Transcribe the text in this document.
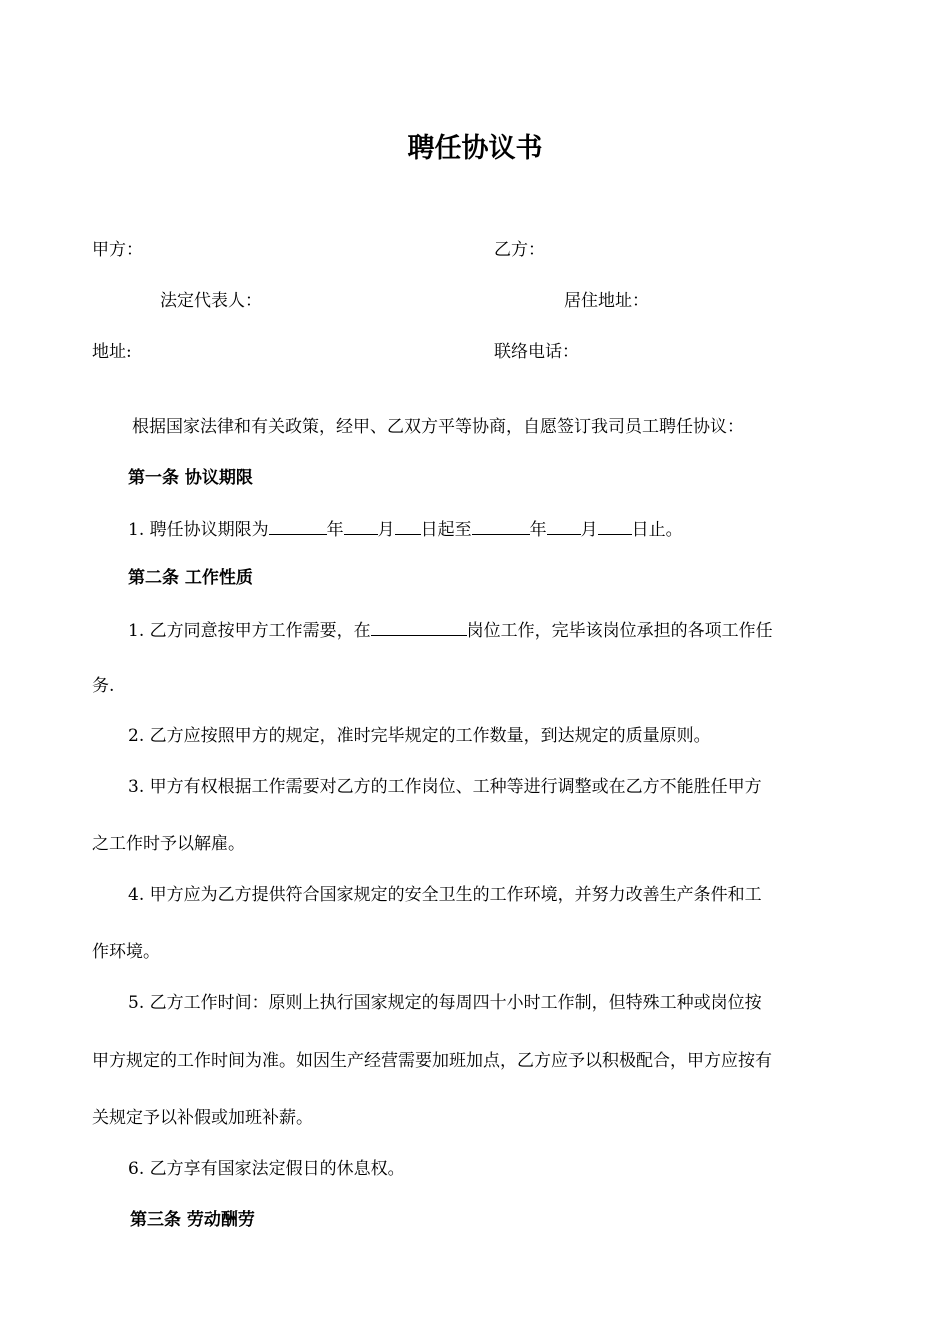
聘任协议书

甲方：	乙方：

法定代表人：	居住地址：

地址:	联络电话：

根据国家法律和有关政策，经甲、乙双方平等协商，自愿签订我司员工聘任协议：

第一条 协议期限

1. 聘任协议期限为	年 月 日起至	年 月 日止。

第二条 工作性质

1. 乙方同意按甲方工作需要，在	岗位工作，完毕该岗位承担的各项工作任

务.

2. 乙方应按照甲方的规定，准时完毕规定的工作数量，到达规定的质量原则。

3. 甲方有权根据工作需要对乙方的工作岗位、工种等进行调整或在乙方不能胜任甲方

之工作时予以解雇。

4. 甲方应为乙方提供符合国家规定的安全卫生的工作环境，并努力改善生产条件和工

作环境。

5. 乙方工作时间：原则上执行国家规定的每周四十小时工作制，但特殊工种或岗位按

甲方规定的工作时间为准。如因生产经营需要加班加点，乙方应予以积极配合，甲方应按有

关规定予以补假或加班补薪。

6. 乙方享有国家法定假日的休息权。

第三条 劳动酬劳
